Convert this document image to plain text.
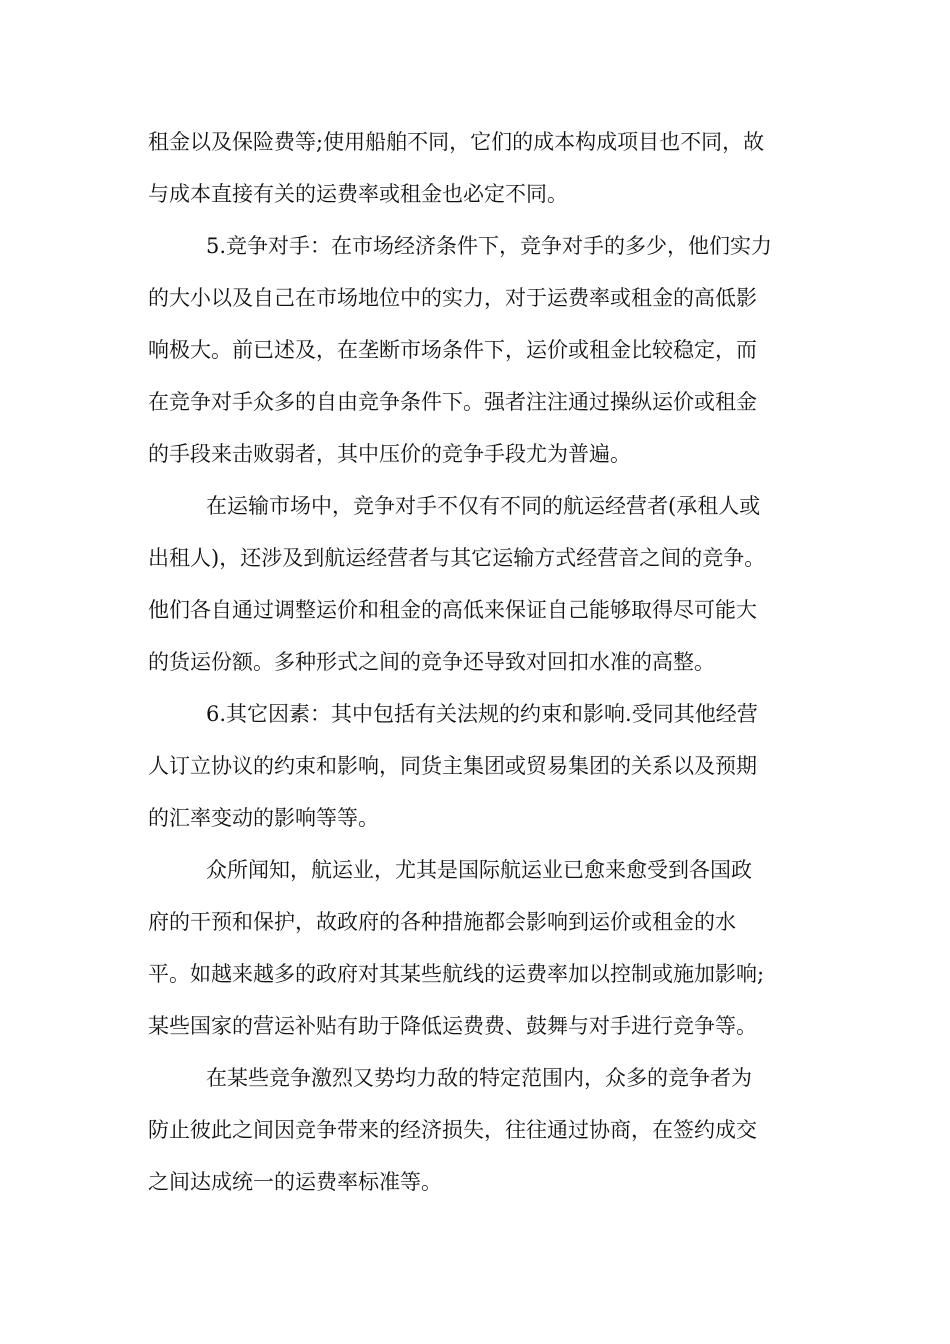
租金以及保险费等;使用船舶不同，它们的成本构成项目也不同，故
与成本直接有关的运费率或租金也必定不同。
5.竞争对手：在市场经济条件下，竞争对手的多少，他们实力
的大小以及自己在市场地位中的实力，对于运费率或租金的高低影
响极大。前已述及，在垄断市场条件下，运价或租金比较稳定，而
在竞争对手众多的自由竞争条件下。强者注注通过操纵运价或租金
的手段来击败弱者，其中压价的竞争手段尤为普遍。
在运输市场中，竞争对手不仅有不同的航运经营者(承租人或
出租人)，还涉及到航运经营者与其它运输方式经营音之间的竞争。
他们各自通过调整运价和租金的高低来保证自己能够取得尽可能大
的货运份额。多种形式之间的竞争还导致对回扣水准的高整。
6.其它因素：其中包括有关法规的约束和影响.受同其他经营
人订立协议的约束和影响，同货主集团或贸易集团的关系以及预期
的汇率变动的影响等等。
众所闻知，航运业，尤其是国际航运业已愈来愈受到各国政
府的干预和保护，故政府的各种措施都会影响到运价或租金的水
平。如越来越多的政府对其某些航线的运费率加以控制或施加影响;
某些国家的营运补贴有助于降低运费费、鼓舞与对手进行竞争等。
在某些竞争激烈又势均力敌的特定范围内，众多的竞争者为
防止彼此之间因竞争带来的经济损失，往往通过协商，在签约成交
之间达成统一的运费率标准等。
